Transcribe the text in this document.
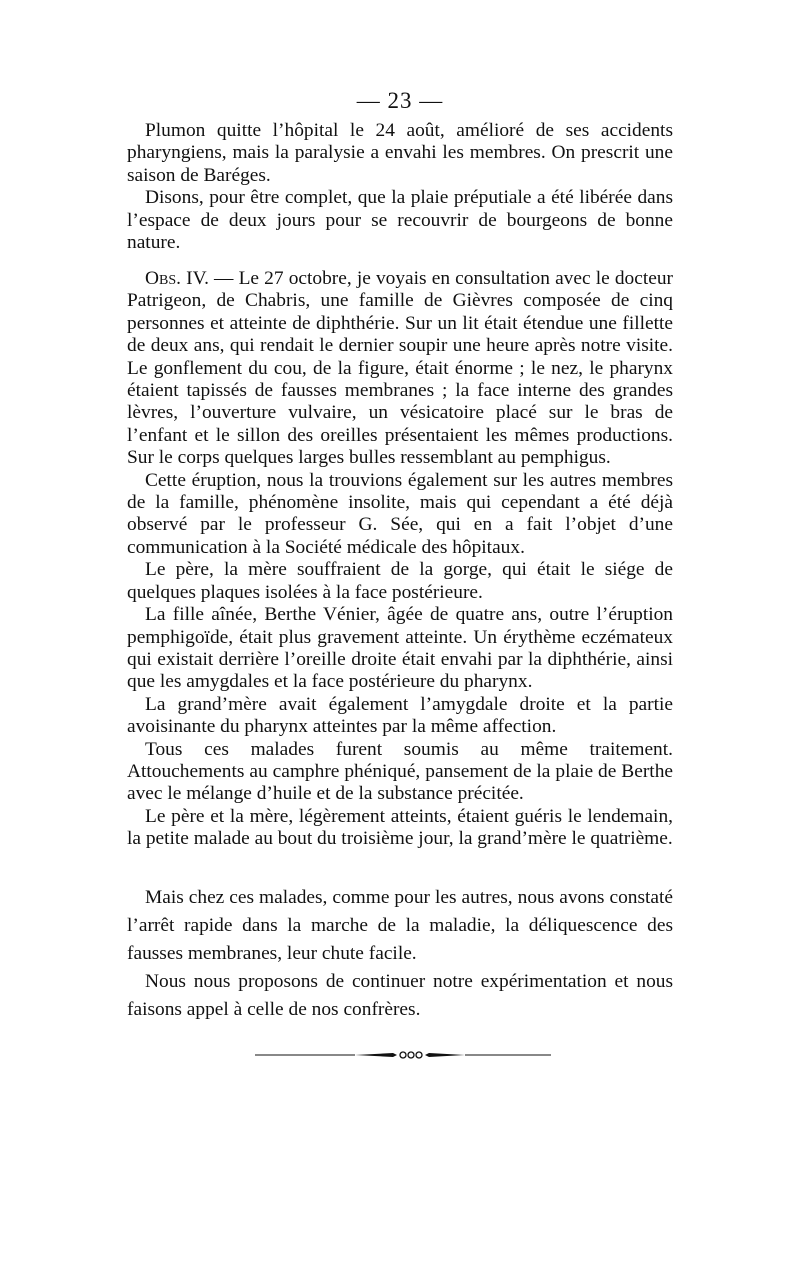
— 23 —

Plumon quitte l’hôpital le 24 août, amélioré de ses accidents pharyngiens, mais la paralysie a envahi les membres. On prescrit une saison de Baréges.

Disons, pour être complet, que la plaie préputiale a été libérée dans l’espace de deux jours pour se recouvrir de bourgeons de bonne nature.

Obs. IV. — Le 27 octobre, je voyais en consultation avec le docteur Patrigeon, de Chabris, une famille de Gièvres composée de cinq personnes et atteinte de diphthérie. Sur un lit était étendue une fillette de deux ans, qui rendait le dernier soupir une heure après notre visite. Le gonflement du cou, de la figure, était énorme ; le nez, le pharynx étaient tapissés de fausses membranes ; la face interne des grandes lèvres, l’ouverture vulvaire, un vésicatoire placé sur le bras de l’enfant et le sillon des oreilles présentaient les mêmes productions. Sur le corps quelques larges bulles ressemblant au pemphigus.

Cette éruption, nous la trouvions également sur les autres membres de la famille, phénomène insolite, mais qui cependant a été déjà observé par le professeur G. Sée, qui en a fait l’objet d’une communication à la Société médicale des hôpitaux.

Le père, la mère souffraient de la gorge, qui était le siége de quelques plaques isolées à la face postérieure.

La fille aînée, Berthe Vénier, âgée de quatre ans, outre l’éruption pemphigoïde, était plus gravement atteinte. Un érythème eczémateux qui existait derrière l’oreille droite était envahi par la diphthérie, ainsi que les amygdales et la face postérieure du pharynx.

La grand’mère avait également l’amygdale droite et la partie avoisinante du pharynx atteintes par la même affection.

Tous ces malades furent soumis au même traitement. Attouchements au camphre phéniqué, pansement de la plaie de Berthe avec le mélange d’huile et de la substance précitée.

Le père et la mère, légèrement atteints, étaient guéris le lendemain, la petite malade au bout du troisième jour, la grand’mère le quatrième.

Mais chez ces malades, comme pour les autres, nous avons constaté l’arrêt rapide dans la marche de la maladie, la déliquescence des fausses membranes, leur chute facile.

Nous nous proposons de continuer notre expérimentation et nous faisons appel à celle de nos confrères.
